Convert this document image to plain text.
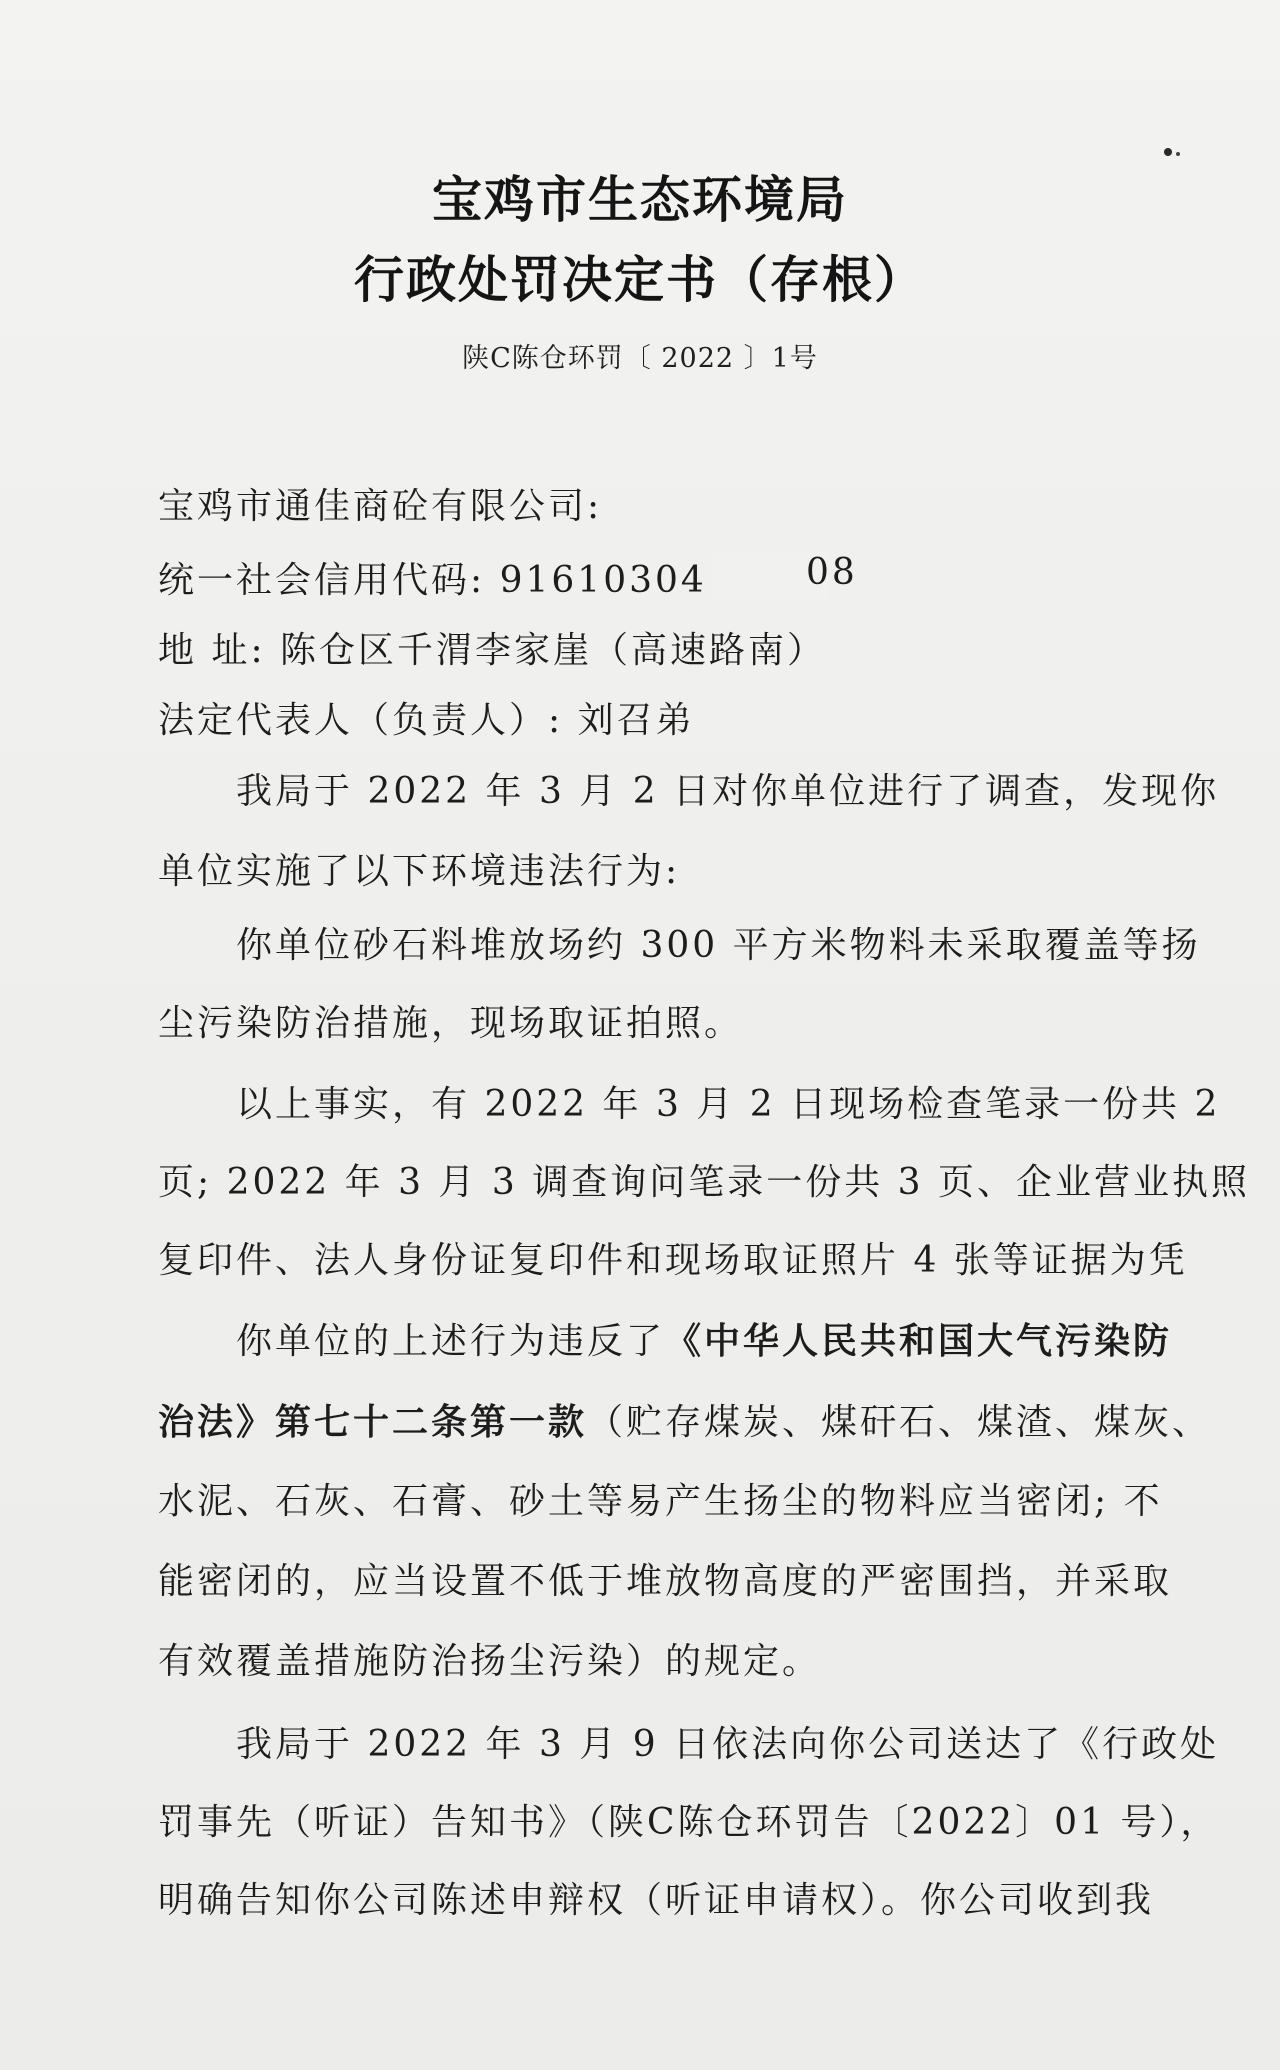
宝鸡市生态环境局
行政处罚决定书（存根）
陕C陈仓环罚〔 2022 〕1号
宝鸡市通佳商砼有限公司:
统一社会信用代码: 91610304	08
地 址: 陈仓区千渭李家崖（高速路南）
法定代表人（负责人）: 刘召弟
我局于 2022 年 3 月 2 日对你单位进行了调查，发现你
单位实施了以下环境违法行为:
你单位砂石料堆放场约 300 平方米物料未采取覆盖等扬
尘污染防治措施，现场取证拍照。
以上事实，有 2022 年 3 月 2 日现场检查笔录一份共 2
页; 2022 年 3 月 3 调查询问笔录一份共 3 页、企业营业执照
复印件、法人身份证复印件和现场取证照片 4 张等证据为凭
你单位的上述行为违反了《中华人民共和国大气污染防
治法》第七十二条第一款（贮存煤炭、煤矸石、煤渣、煤灰、
水泥、石灰、石膏、砂土等易产生扬尘的物料应当密闭; 不
能密闭的，应当设置不低于堆放物高度的严密围挡，并采取
有效覆盖措施防治扬尘污染）的规定。
我局于 2022 年 3 月 9 日依法向你公司送达了《行政处
罚事先（听证）告知书》（陕C陈仓环罚告〔2022〕01 号），
明确告知你公司陈述申辩权（听证申请权）。你公司收到我
